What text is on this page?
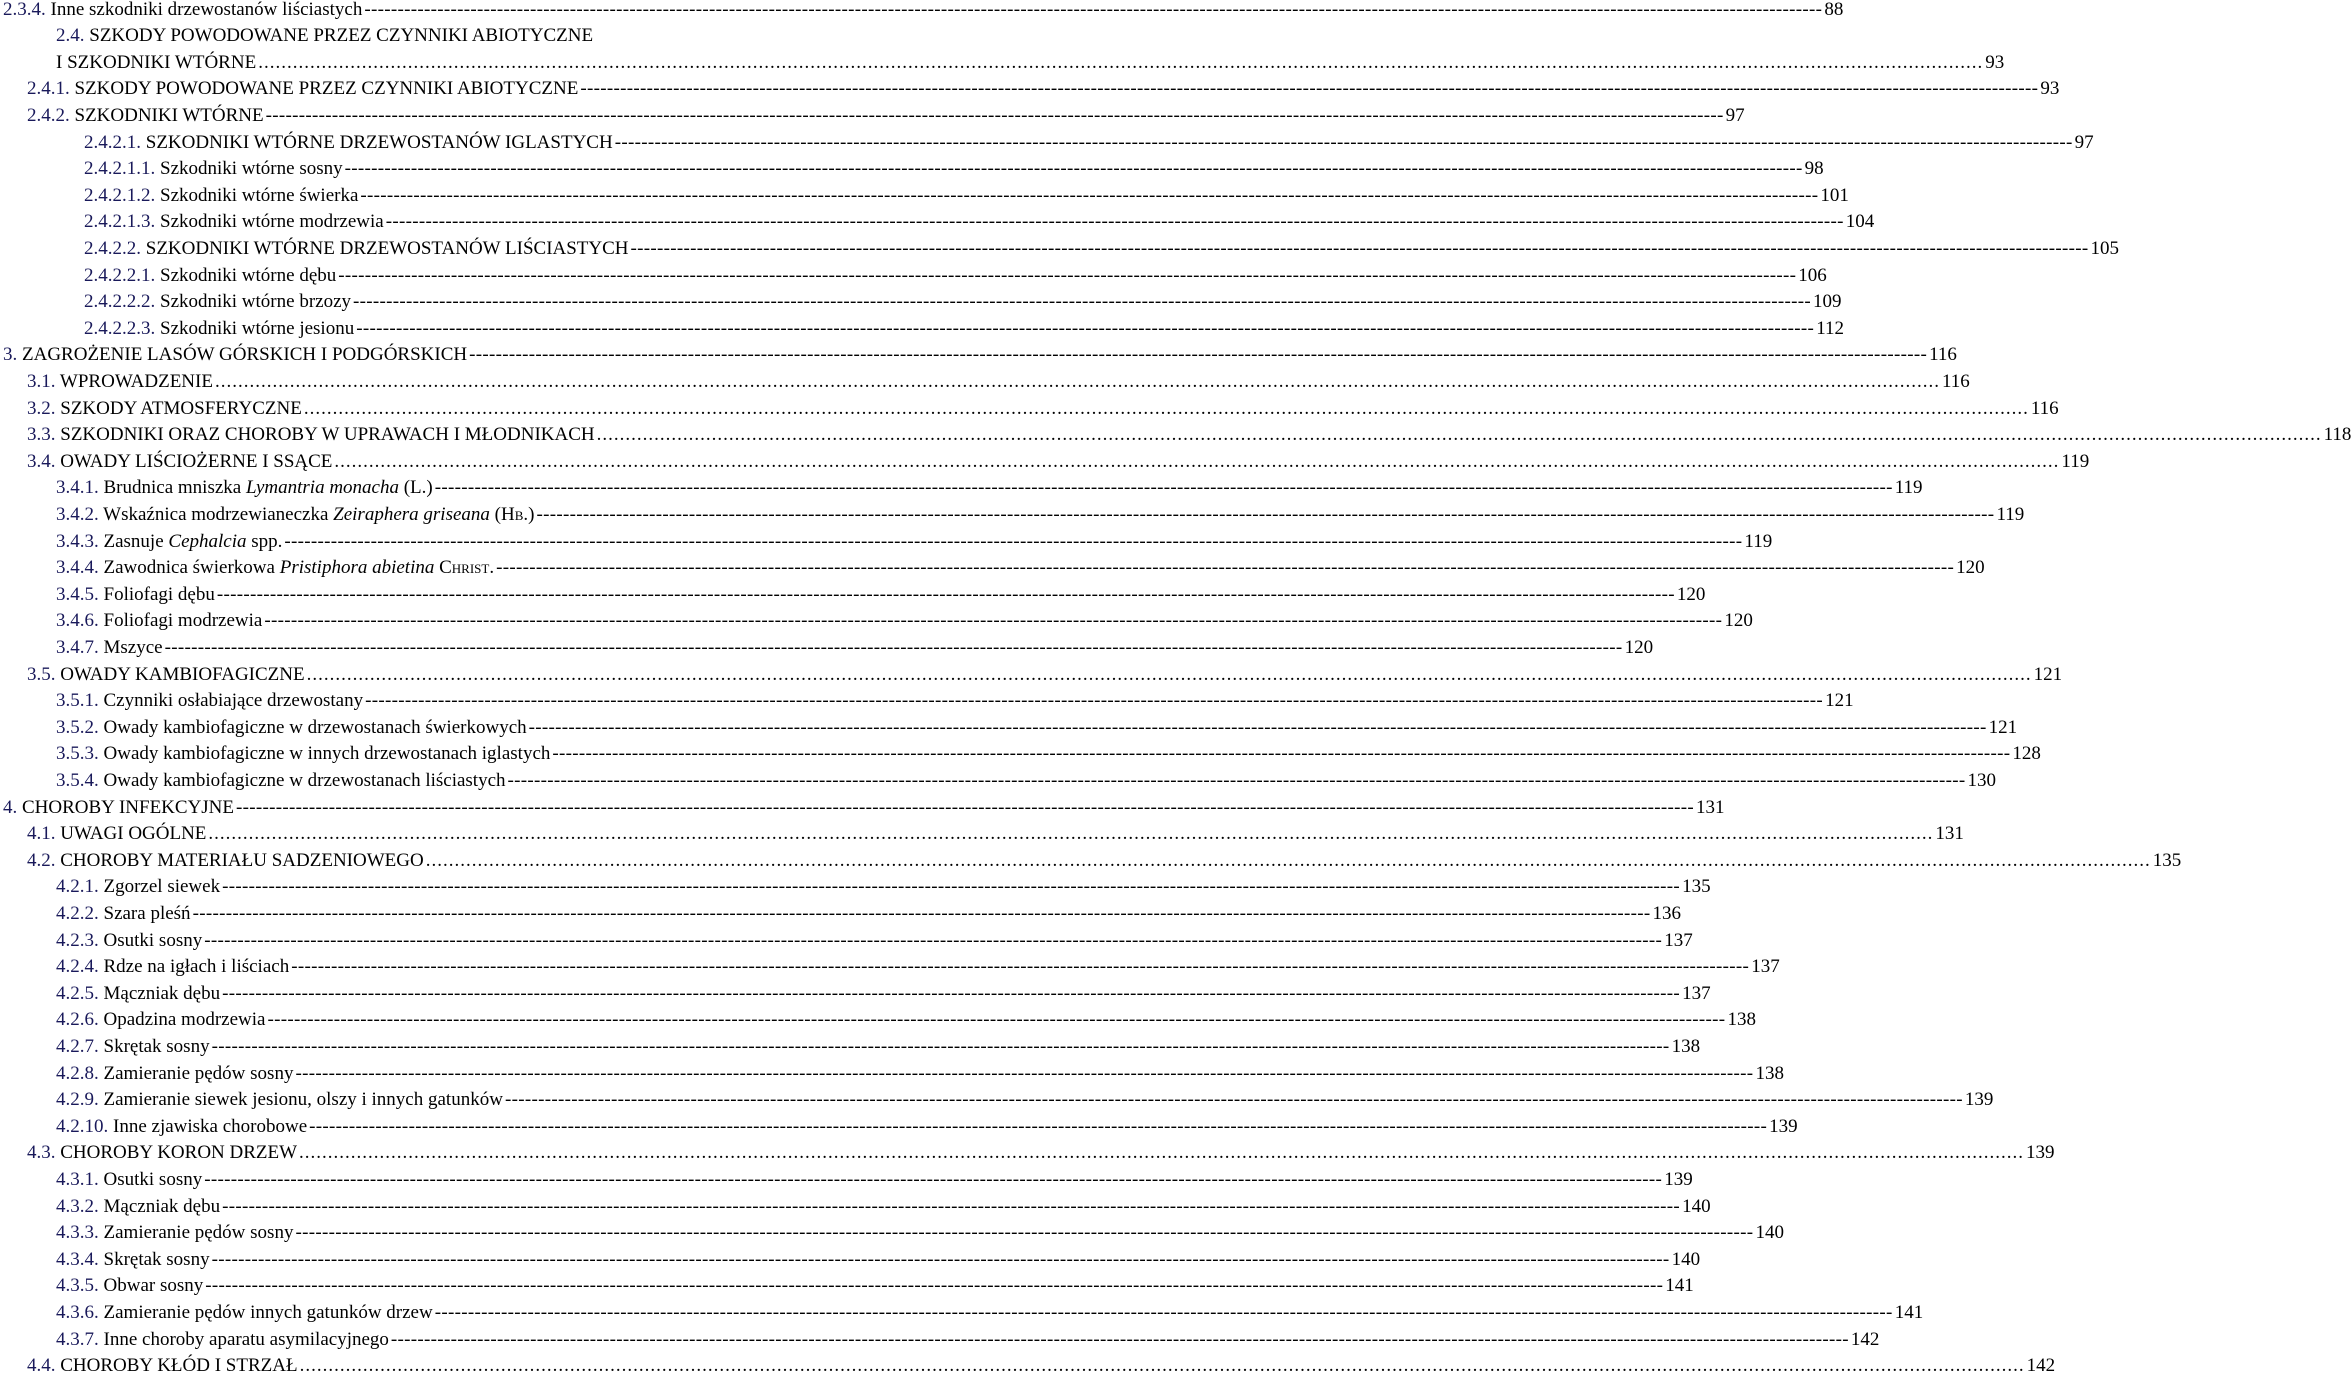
2.3.4. Inne szkodniki drzewostanów liściastych ---------------------------------------------------------------------------------------------------------------------------------------------------------------------------------------------------------------------------- 88
2.4. SZKODY POWODOWANE PRZEZ CZYNNIKI ABIOTYCZNE
I SZKODNIKI WTÓRNE ............................................................................................................................................................................................................................................................................................................ 93
2.4.1. SZKODY POWODOWANE PRZEZ CZYNNIKI ABIOTYCZNE ---------------------------------------------------------------------------------------------------------------------------------------------------------------------------------------------------------------------------- 93
2.4.2. SZKODNIKI WTÓRNE ---------------------------------------------------------------------------------------------------------------------------------------------------------------------------------------------------------------------------- 97
2.4.2.1. SZKODNIKI WTÓRNE DRZEWOSTANÓW IGLASTYCH ---------------------------------------------------------------------------------------------------------------------------------------------------------------------------------------------------------------------------- 97
2.4.2.1.1. Szkodniki wtórne sosny ---------------------------------------------------------------------------------------------------------------------------------------------------------------------------------------------------------------------------- 98
2.4.2.1.2. Szkodniki wtórne świerka ---------------------------------------------------------------------------------------------------------------------------------------------------------------------------------------------------------------------------- 101
2.4.2.1.3. Szkodniki wtórne modrzewia ---------------------------------------------------------------------------------------------------------------------------------------------------------------------------------------------------------------------------- 104
2.4.2.2. SZKODNIKI WTÓRNE DRZEWOSTANÓW LIŚCIASTYCH ---------------------------------------------------------------------------------------------------------------------------------------------------------------------------------------------------------------------------- 105
2.4.2.2.1. Szkodniki wtórne dębu ---------------------------------------------------------------------------------------------------------------------------------------------------------------------------------------------------------------------------- 106
2.4.2.2.2. Szkodniki wtórne brzozy ---------------------------------------------------------------------------------------------------------------------------------------------------------------------------------------------------------------------------- 109
2.4.2.2.3. Szkodniki wtórne jesionu ---------------------------------------------------------------------------------------------------------------------------------------------------------------------------------------------------------------------------- 112
3. ZAGROŻENIE LASÓW GÓRSKICH I PODGÓRSKICH ---------------------------------------------------------------------------------------------------------------------------------------------------------------------------------------------------------------------------- 116
3.1. WPROWADZENIE ............................................................................................................................................................................................................................................................................................................ 116
3.2. SZKODY ATMOSFERYCZNE ............................................................................................................................................................................................................................................................................................................ 116
3.3. SZKODNIKI ORAZ CHOROBY W UPRAWACH I MŁODNIKACH ............................................................................................................................................................................................................................................................................................................ 118
3.4. OWADY LIŚCIOŻERNE I SSĄCE ............................................................................................................................................................................................................................................................................................................ 119
3.4.1. Brudnica mniszka Lymantria monacha (L.) ---------------------------------------------------------------------------------------------------------------------------------------------------------------------------------------------------------------------------- 119
3.4.2. Wskaźnica modrzewianeczka Zeiraphera griseana (Hb.) ---------------------------------------------------------------------------------------------------------------------------------------------------------------------------------------------------------------------------- 119
3.4.3. Zasnuje Cephalcia spp. ---------------------------------------------------------------------------------------------------------------------------------------------------------------------------------------------------------------------------- 119
3.4.4. Zawodnica świerkowa Pristiphora abietina Christ. ---------------------------------------------------------------------------------------------------------------------------------------------------------------------------------------------------------------------------- 120
3.4.5. Foliofagi dębu ---------------------------------------------------------------------------------------------------------------------------------------------------------------------------------------------------------------------------- 120
3.4.6. Foliofagi modrzewia ---------------------------------------------------------------------------------------------------------------------------------------------------------------------------------------------------------------------------- 120
3.4.7. Mszyce ---------------------------------------------------------------------------------------------------------------------------------------------------------------------------------------------------------------------------- 120
3.5. OWADY KAMBIOFAGICZNE ............................................................................................................................................................................................................................................................................................................ 121
3.5.1. Czynniki osłabiające drzewostany ---------------------------------------------------------------------------------------------------------------------------------------------------------------------------------------------------------------------------- 121
3.5.2. Owady kambiofagiczne w drzewostanach świerkowych ---------------------------------------------------------------------------------------------------------------------------------------------------------------------------------------------------------------------------- 121
3.5.3. Owady kambiofagiczne w innych drzewostanach iglastych ---------------------------------------------------------------------------------------------------------------------------------------------------------------------------------------------------------------------------- 128
3.5.4. Owady kambiofagiczne w drzewostanach liściastych ---------------------------------------------------------------------------------------------------------------------------------------------------------------------------------------------------------------------------- 130
4. CHOROBY INFEKCYJNE ---------------------------------------------------------------------------------------------------------------------------------------------------------------------------------------------------------------------------- 131
4.1. UWAGI OGÓLNE ............................................................................................................................................................................................................................................................................................................ 131
4.2. CHOROBY MATERIAŁU SADZENIOWEGO ............................................................................................................................................................................................................................................................................................................ 135
4.2.1. Zgorzel siewek ---------------------------------------------------------------------------------------------------------------------------------------------------------------------------------------------------------------------------- 135
4.2.2. Szara pleśń ---------------------------------------------------------------------------------------------------------------------------------------------------------------------------------------------------------------------------- 136
4.2.3. Osutki sosny ---------------------------------------------------------------------------------------------------------------------------------------------------------------------------------------------------------------------------- 137
4.2.4. Rdze na igłach i liściach ---------------------------------------------------------------------------------------------------------------------------------------------------------------------------------------------------------------------------- 137
4.2.5. Mączniak dębu ---------------------------------------------------------------------------------------------------------------------------------------------------------------------------------------------------------------------------- 137
4.2.6. Opadzina modrzewia ---------------------------------------------------------------------------------------------------------------------------------------------------------------------------------------------------------------------------- 138
4.2.7. Skrętak sosny ---------------------------------------------------------------------------------------------------------------------------------------------------------------------------------------------------------------------------- 138
4.2.8. Zamieranie pędów sosny ---------------------------------------------------------------------------------------------------------------------------------------------------------------------------------------------------------------------------- 138
4.2.9. Zamieranie siewek jesionu, olszy i innych gatunków ---------------------------------------------------------------------------------------------------------------------------------------------------------------------------------------------------------------------------- 139
4.2.10. Inne zjawiska chorobowe ---------------------------------------------------------------------------------------------------------------------------------------------------------------------------------------------------------------------------- 139
4.3. CHOROBY KORON DRZEW ............................................................................................................................................................................................................................................................................................................ 139
4.3.1. Osutki sosny ---------------------------------------------------------------------------------------------------------------------------------------------------------------------------------------------------------------------------- 139
4.3.2. Mączniak dębu ---------------------------------------------------------------------------------------------------------------------------------------------------------------------------------------------------------------------------- 140
4.3.3. Zamieranie pędów sosny ---------------------------------------------------------------------------------------------------------------------------------------------------------------------------------------------------------------------------- 140
4.3.4. Skrętak sosny ---------------------------------------------------------------------------------------------------------------------------------------------------------------------------------------------------------------------------- 140
4.3.5. Obwar sosny ---------------------------------------------------------------------------------------------------------------------------------------------------------------------------------------------------------------------------- 141
4.3.6. Zamieranie pędów innych gatunków drzew ---------------------------------------------------------------------------------------------------------------------------------------------------------------------------------------------------------------------------- 141
4.3.7. Inne choroby aparatu asymilacyjnego ---------------------------------------------------------------------------------------------------------------------------------------------------------------------------------------------------------------------------- 142
4.4. CHOROBY KŁÓD I STRZAŁ ............................................................................................................................................................................................................................................................................................................ 142
